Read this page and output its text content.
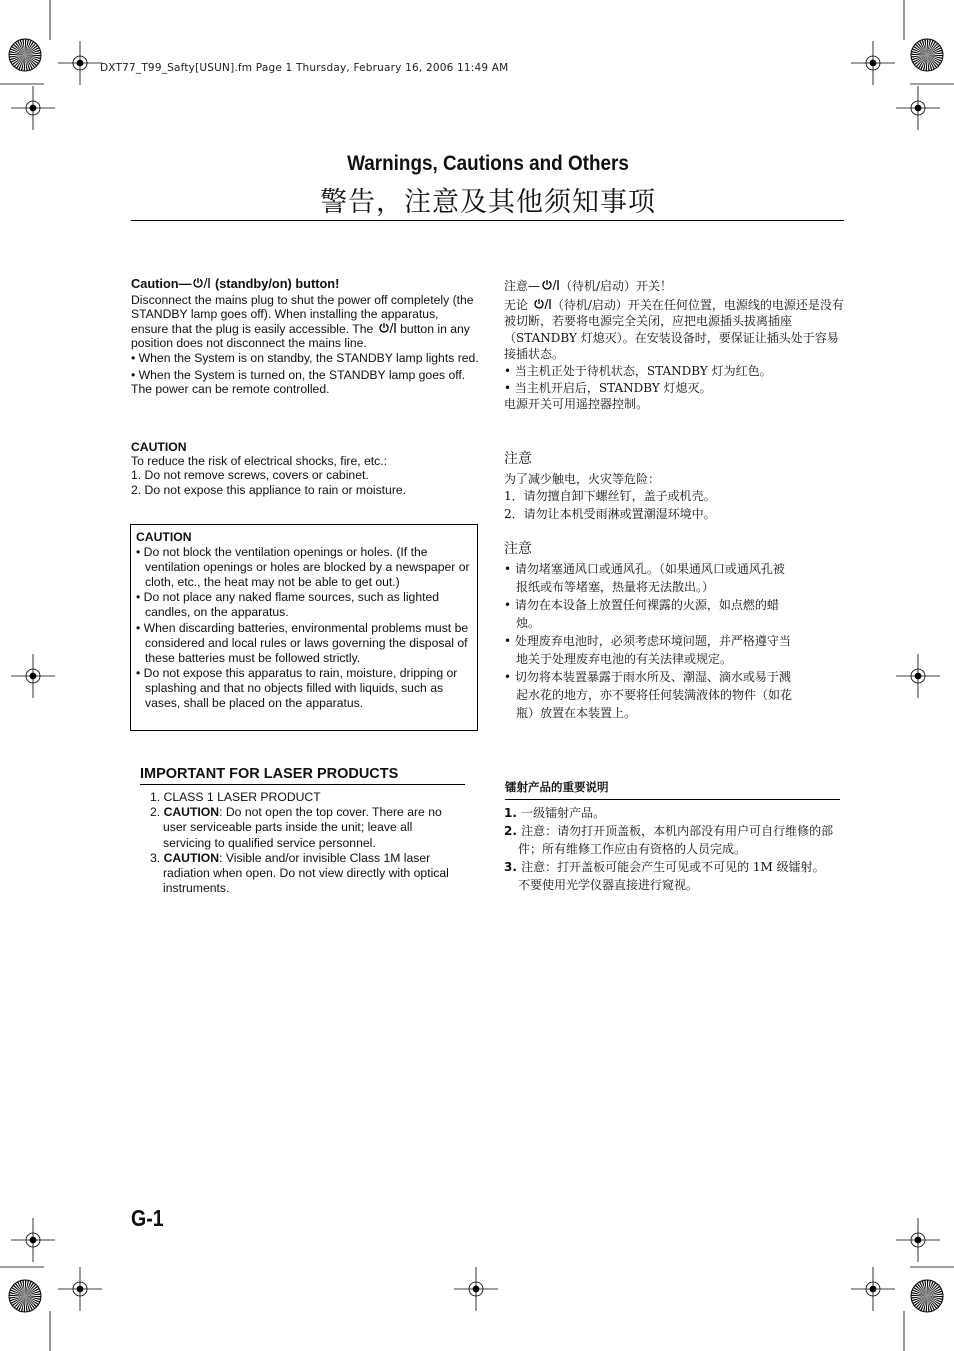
DXT77_T99_Safty[USUN].fm Page 1 Thursday, February 16, 2006 11:49 AM
Warnings, Cautions and Others
警告，注意及其他须知事项

Caution— (standby/on) button!

Disconnect the mains plug to shut the power off completely (the STANDBY lamp goes off). When installing the apparatus, ensure that the plug is easily accessible. The  button in any position does not disconnect the mains line.

• When the System is on standby, the STANDBY lamp lights red.

• When the System is turned on, the STANDBY lamp goes off.

The power can be remote controlled.

注意— （待机/启动）开关！

无论 （待机/启动）开关在任何位置，电源线的电源还是没有被切断，若要将电源完全关闭，应把电源插头拔离插座（STANDBY 灯熄灭）。在安装设备时，要保证让插头处于容易接插状态。

• 当主机正处于待机状态，STANDBY 灯为红色。

• 当主机开启后，STANDBY 灯熄灭。

电源开关可用遥控器控制。

CAUTION

To reduce the risk of electrical shocks, fire, etc.:

1. Do not remove screws, covers or cabinet.

2. Do not expose this appliance to rain or moisture.

注意

为了减少触电，火灾等危险：

1．请勿擅自卸下螺丝钉，盖子或机壳。

2．请勿让本机受雨淋或置潮湿环境中。

CAUTION

• Do not block the ventilation openings or holes. (If the ventilation openings or holes are blocked by a newspaper or cloth, etc., the heat may not be able to get out.)

• Do not place any naked flame sources, such as lighted candles, on the apparatus.

• When discarding batteries, environmental problems must be considered and local rules or laws governing the disposal of these batteries must be followed strictly.

• Do not expose this apparatus to rain, moisture, dripping or splashing and that no objects filled with liquids, such as vases, shall be placed on the apparatus.

注意

• 请勿堵塞通风口或通风孔。（如果通风口或通风孔被报纸或布等堵塞，热量将无法散出。）

• 请勿在本设备上放置任何裸露的火源，如点燃的蜡烛。

• 处理废弃电池时，必须考虑环境问题，并严格遵守当地关于处理废弃电池的有关法律或规定。

• 切勿将本装置暴露于雨水所及、潮湿、滴水或易于溅起水花的地方，亦不要将任何装满液体的物件（如花瓶）放置在本装置上。

IMPORTANT FOR LASER PRODUCTS

1. CLASS 1 LASER PRODUCT

2. CAUTION: Do not open the top cover. There are no user serviceable parts inside the unit; leave all servicing to qualified service personnel.

3. CAUTION: Visible and/or invisible Class 1M laser radiation when open. Do not view directly with optical instruments.

镭射产品的重要说明

1. 一级镭射产品。

2. 注意：请勿打开顶盖板，本机内部没有用户可自行维修的部件；所有维修工作应由有资格的人员完成。

3. 注意：打开盖板可能会产生可见或不可见的 1M 级镭射。不要使用光学仪器直接进行窥视。

G-1
